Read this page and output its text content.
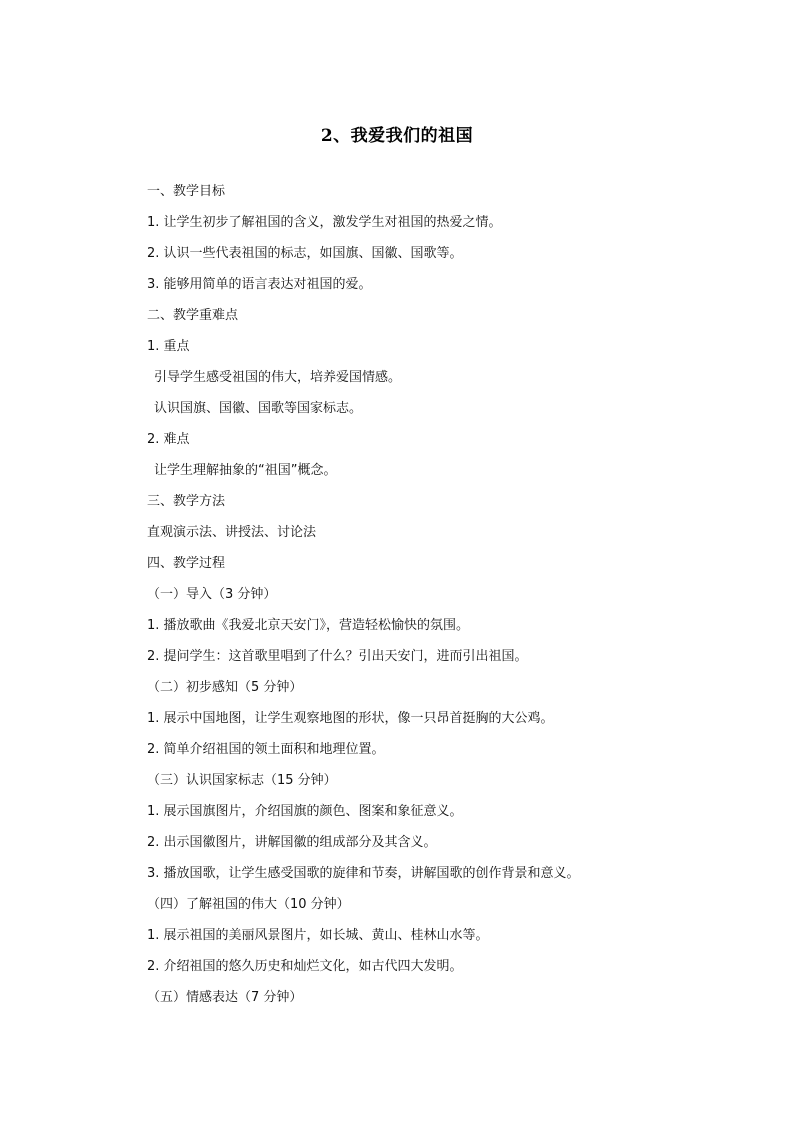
2、我爱我们的祖国
一、教学目标
1. 让学生初步了解祖国的含义，激发学生对祖国的热爱之情。
2. 认识一些代表祖国的标志，如国旗、国徽、国歌等。
3. 能够用简单的语言表达对祖国的爱。
二、教学重难点
1. 重点
引导学生感受祖国的伟大，培养爱国情感。
认识国旗、国徽、国歌等国家标志。
2. 难点
让学生理解抽象的“祖国”概念。
三、教学方法
直观演示法、讲授法、讨论法
四、教学过程
（一）导入（3 分钟）
1. 播放歌曲《我爱北京天安门》，营造轻松愉快的氛围。
2. 提问学生：这首歌里唱到了什么？引出天安门，进而引出祖国。
（二）初步感知（5 分钟）
1. 展示中国地图，让学生观察地图的形状，像一只昂首挺胸的大公鸡。
2. 简单介绍祖国的领土面积和地理位置。
（三）认识国家标志（15 分钟）
1. 展示国旗图片，介绍国旗的颜色、图案和象征意义。
2. 出示国徽图片，讲解国徽的组成部分及其含义。
3. 播放国歌，让学生感受国歌的旋律和节奏，讲解国歌的创作背景和意义。
（四）了解祖国的伟大（10 分钟）
1. 展示祖国的美丽风景图片，如长城、黄山、桂林山水等。
2. 介绍祖国的悠久历史和灿烂文化，如古代四大发明。
（五）情感表达（7 分钟）
